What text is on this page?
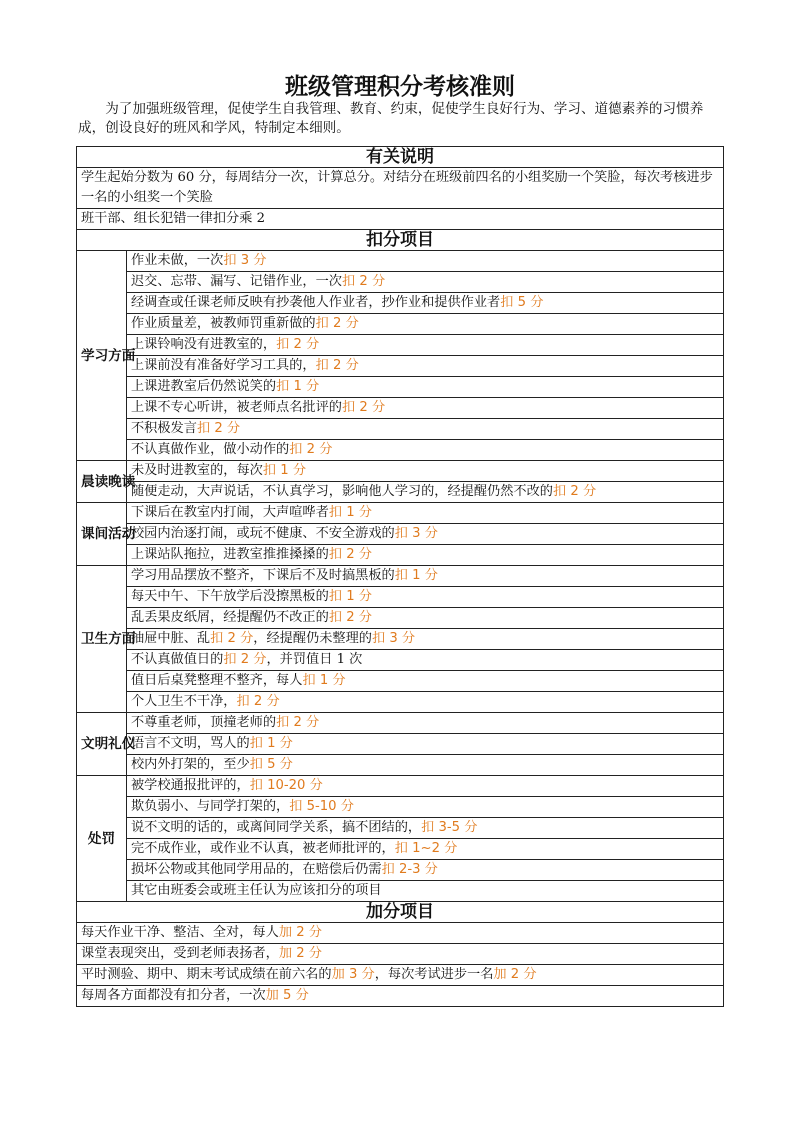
班级管理积分考核准则
为了加强班级管理，促使学生自我管理、教育、约束，促使学生良好行为、学习、道德素养的习惯养成，创设良好的班风和学风，特制定本细则。
有关说明	
学生起始分数为 60 分，每周结分一次，计算总分。对结分在班级前四名的小组奖励一个笑脸，每次考核进步一名的小组奖一个笑脸	
班干部、组长犯错一律扣分乘 2	
扣分项目	
学习方面	作业未做，一次扣 3 分
	迟交、忘带、漏写、记错作业，一次扣 2 分
	经调查或任课老师反映有抄袭他人作业者，抄作业和提供作业者扣 5 分
	作业质量差，被教师罚重新做的扣 2 分
	上课铃响没有进教室的，扣 2 分
	上课前没有准备好学习工具的，扣 2 分
	上课进教室后仍然说笑的扣 1 分
	上课不专心听讲，被老师点名批评的扣 2 分
	不积极发言扣 2 分
	不认真做作业，做小动作的扣 2 分
晨读晚读	未及时进教室的，每次扣 1 分
	随便走动，大声说话，不认真学习，影响他人学习的，经提醒仍然不改的扣 2 分
课间活动	下课后在教室内打闹，大声喧哗者扣 1 分
	校园内治逐打闹，或玩不健康、不安全游戏的扣 3 分
	上课站队拖拉，进教室推推搡搡的扣 2 分
卫生方面	学习用品摆放不整齐，下课后不及时搞黑板的扣 1 分
	每天中午、下午放学后没擦黑板的扣 1 分
	乱丢果皮纸屑，经提醒仍不改正的扣 2 分
	抽屉中脏、乱扣 2 分，经提醒仍未整理的扣 3 分
	不认真做值日的扣 2 分，并罚值日 1 次
	值日后桌凳整理不整齐，每人扣 1 分
	个人卫生不干净，扣 2 分
文明礼仪	不尊重老师，顶撞老师的扣 2 分
	语言不文明，骂人的扣 1 分
	校内外打架的，至少扣 5 分
处罚	被学校通报批评的，扣 10-20 分
	欺负弱小、与同学打架的，扣 5-10 分
	说不文明的话的，或离间同学关系，搞不团结的，扣 3-5 分
	完不成作业，或作业不认真，被老师批评的，扣 1~2 分
	损坏公物或其他同学用品的，在赔偿后仍需扣 2-3 分
	其它由班委会或班主任认为应该扣分的项目
加分项目	
每天作业干净、整洁、全对，每人加 2 分	
课堂表现突出，受到老师表扬者，加 2 分	
平时测验、期中、期末考试成绩在前六名的加 3 分，每次考试进步一名加 2 分	
每周各方面都没有扣分者，一次加 5 分	
